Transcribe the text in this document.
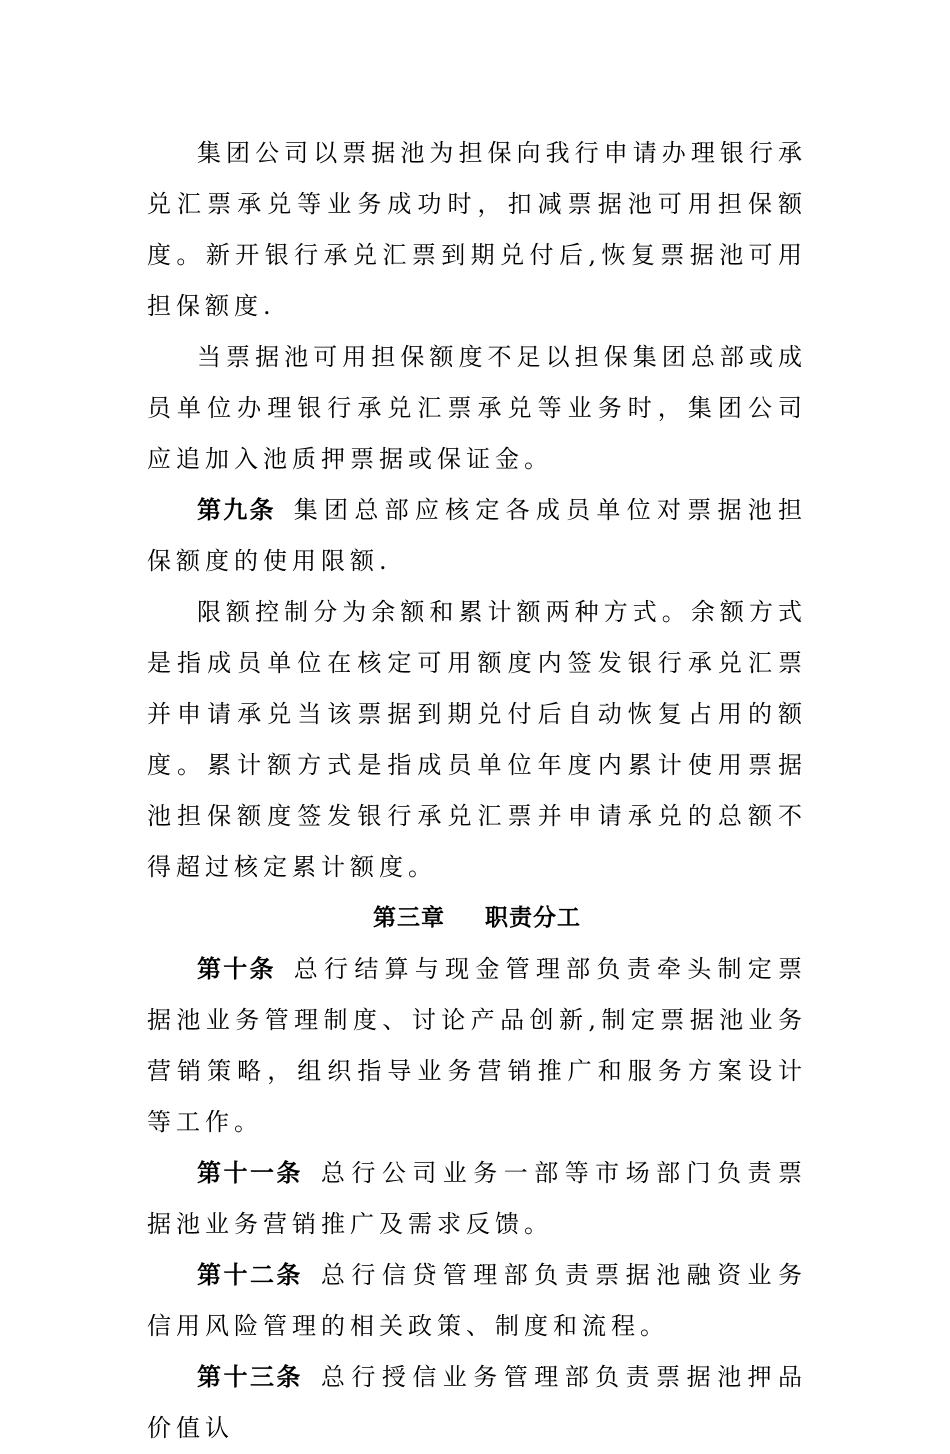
集团公司以票据池为担保向我行申请办理银行承兑汇票承兑等业务成功时，扣减票据池可用担保额度。新开银行承兑汇票到期兑付后,恢复票据池可用担保额度.

当票据池可用担保额度不足以担保集团总部或成员单位办理银行承兑汇票承兑等业务时，集团公司应追加入池质押票据或保证金。

第九条 集团总部应核定各成员单位对票据池担保额度的使用限额.

限额控制分为余额和累计额两种方式。余额方式是指成员单位在核定可用额度内签发银行承兑汇票并申请承兑当该票据到期兑付后自动恢复占用的额度。累计额方式是指成员单位年度内累计使用票据池担保额度签发银行承兑汇票并申请承兑的总额不得超过核定累计额度。

第三章 职责分工

第十条 总行结算与现金管理部负责牵头制定票据池业务管理制度、讨论产品创新,制定票据池业务营销策略，组织指导业务营销推广和服务方案设计等工作。

第十一条 总行公司业务一部等市场部门负责票据池业务营销推广及需求反馈。

第十二条 总行信贷管理部负责票据池融资业务信用风险管理的相关政策、制度和流程。

第十三条 总行授信业务管理部负责票据池押品价值认
